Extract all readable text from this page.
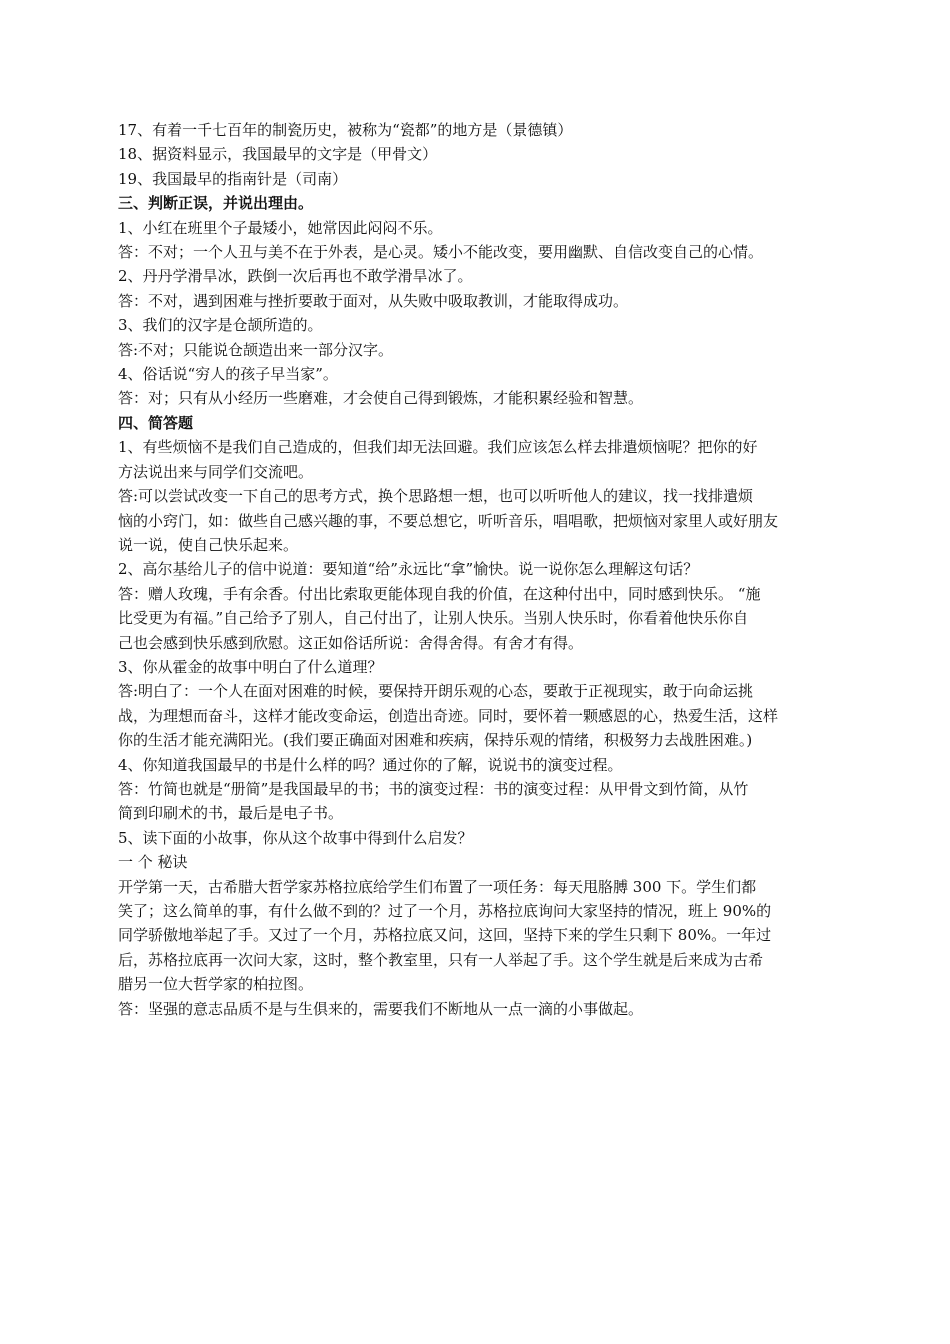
17、有着一千七百年的制瓷历史，被称为“瓷都”的地方是（景德镇）
18、据资料显示，我国最早的文字是（甲骨文）
19、我国最早的指南针是（司南）
三、判断正误，并说出理由。
1、小红在班里个子最矮小，她常因此闷闷不乐。
答：不对；一个人丑与美不在于外表，是心灵。矮小不能改变，要用幽默、自信改变自己的心情。
2、丹丹学滑旱冰，跌倒一次后再也不敢学滑旱冰了。
答：不对，遇到困难与挫折要敢于面对，从失败中吸取教训，才能取得成功。
3、我们的汉字是仓颉所造的。
答:不对；只能说仓颉造出来一部分汉字。
4、俗话说“穷人的孩子早当家”。
答：对；只有从小经历一些磨难，才会使自己得到锻炼，才能积累经验和智慧。
四、简答题
1、有些烦恼不是我们自己造成的，但我们却无法回避。我们应该怎么样去排遣烦恼呢？把你的好
方法说出来与同学们交流吧。
答:可以尝试改变一下自己的思考方式，换个思路想一想，也可以听听他人的建议，找一找排遣烦
恼的小窍门，如：做些自己感兴趣的事，不要总想它，听听音乐，唱唱歌，把烦恼对家里人或好朋友
说一说，使自己快乐起来。
2、高尔基给儿子的信中说道：要知道“给”永远比“拿”愉快。说一说你怎么理解这句话？
答：赠人玫瑰，手有余香。付出比索取更能体现自我的价值，在这种付出中，同时感到快乐。 “施
比受更为有福。”自己给予了别人，自己付出了，让别人快乐。当别人快乐时，你看着他快乐你自
己也会感到快乐感到欣慰。这正如俗话所说：舍得舍得。有舍才有得。
3、你从霍金的故事中明白了什么道理？
答:明白了：一个人在面对困难的时候，要保持开朗乐观的心态，要敢于正视现实，敢于向命运挑
战，为理想而奋斗，这样才能改变命运，创造出奇迹。同时，要怀着一颗感恩的心，热爱生活，这样
你的生活才能充满阳光。(我们要正确面对困难和疾病，保持乐观的情绪，积极努力去战胜困难。)
4、你知道我国最早的书是什么样的吗？通过你的了解，说说书的演变过程。
答：竹简也就是“册简”是我国最早的书；书的演变过程：书的演变过程：从甲骨文到竹简，从竹
简到印刷术的书，最后是电子书。
5、读下面的小故事，你从这个故事中得到什么启发？
一 个 秘诀
开学第一天，古希腊大哲学家苏格拉底给学生们布置了一项任务：每天甩胳膊 300 下。学生们都
笑了；这么简单的事，有什么做不到的？过了一个月，苏格拉底询问大家坚持的情况，班上 90%的
同学骄傲地举起了手。又过了一个月，苏格拉底又问，这回，坚持下来的学生只剩下 80%。一年过
后，苏格拉底再一次问大家，这时，整个教室里，只有一人举起了手。这个学生就是后来成为古希
腊另一位大哲学家的柏拉图。
答：坚强的意志品质不是与生俱来的，需要我们不断地从一点一滴的小事做起。
